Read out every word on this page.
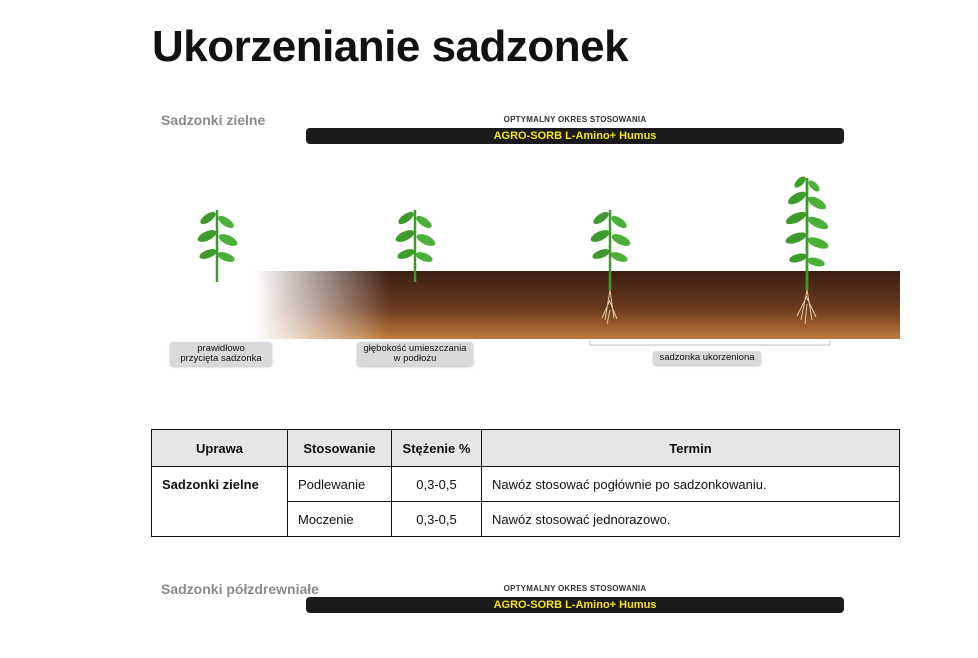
Ukorzenianie sadzonek
Sadzonki zielne	OPTYMALNY OKRES STOSOWANIA
AGRO-SORB L-Amino+ Humus
prawidłowo
przycięta sadzonka
głębokość umieszczania
w podłożu	sadzonka ukorzeniona
Uprawa	Stosowanie	Stężenie %	Termin
Sadzonki zielne	Podlewanie	0,3-0,5	Nawóz stosować pogłównie po sadzonkowaniu.
	Moczenie	0,3-0,5	Nawóz stosować jednorazowo.
Sadzonki półzdrewniałe	OPTYMALNY OKRES STOSOWANIA
AGRO-SORB L-Amino+ Humus
